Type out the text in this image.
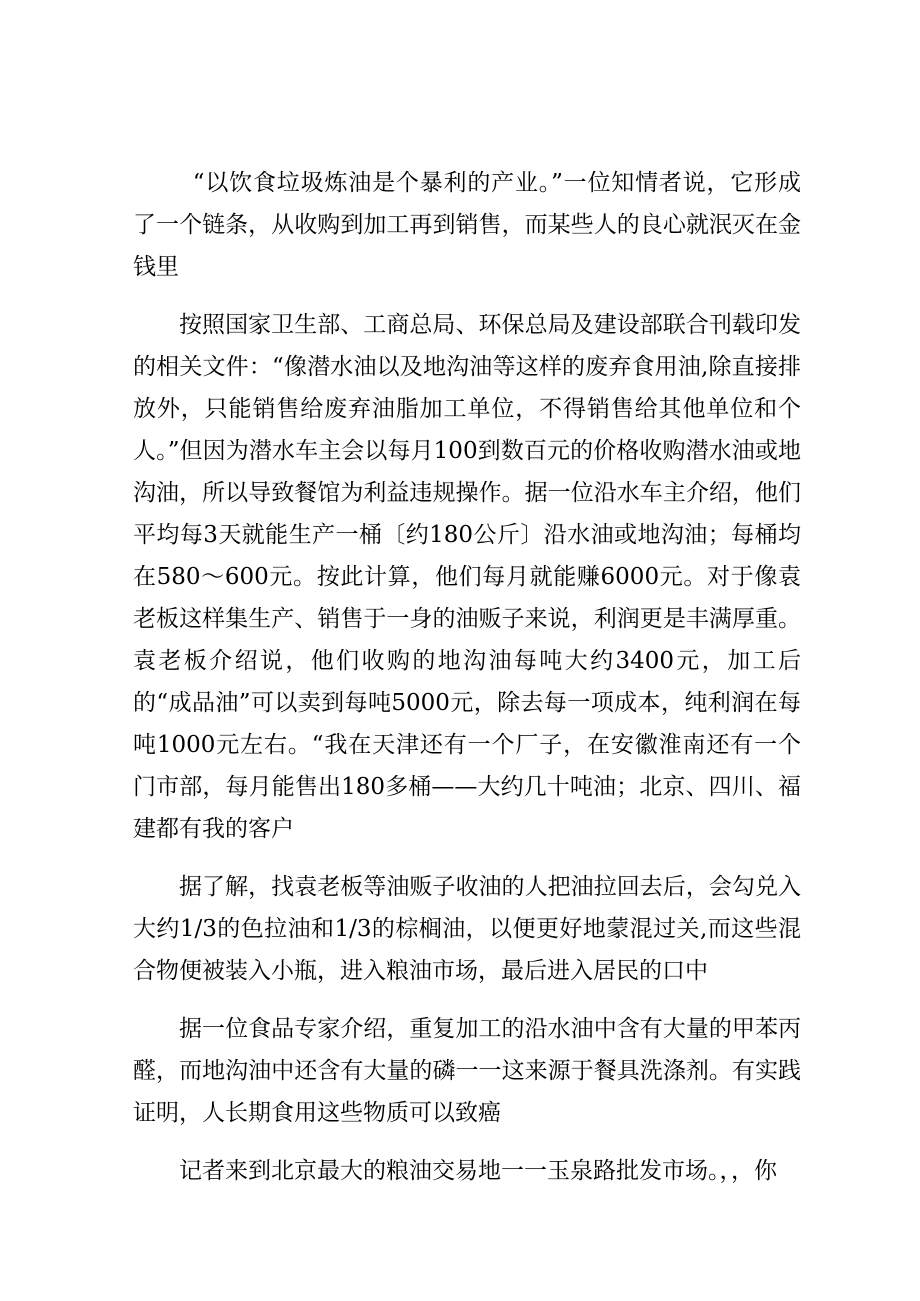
“以饮食垃圾炼油是个暴利的产业。”一位知情者说，它形成了一个链条，从收购到加工再到销售，而某些人的良心就泯灭在金钱里

按照国家卫生部、工商总局、环保总局及建设部联合刊载印发的相关文件：“像潜水油以及地沟油等这样的废弃食用油,除直接排放外，只能销售给废弃油脂加工单位，不得销售给其他单位和个人。”但因为潜水车主会以每月100到数百元的价格收购潜水油或地沟油，所以导致餐馆为利益违规操作。据一位沿水车主介绍，他们平均每3天就能生产一桶〔约180公斤〕沿水油或地沟油；每桶均在580～600元。按此计算，他们每月就能赚6000元。对于像袁老板这样集生产、销售于一身的油贩子来说，利润更是丰满厚重。袁老板介绍说，他们收购的地沟油每吨大约3400元，加工后的“成品油”可以卖到每吨5000元，除去每一项成本，纯利润在每吨1000元左右。“我在天津还有一个厂子，在安徽淮南还有一个门市部，每月能售出180多桶——大约几十吨油；北京、四川、福建都有我的客户

据了解，找袁老板等油贩子收油的人把油拉回去后，会勾兑入大约1/3的色拉油和1/3的棕榈油，以便更好地蒙混过关,而这些混合物便被装入小瓶，进入粮油市场，最后进入居民的口中

据一位食品专家介绍，重复加工的沿水油中含有大量的甲苯丙醛，而地沟油中还含有大量的磷一一这来源于餐具洗涤剂。有实践证明，人长期食用这些物质可以致癌

记者来到北京最大的粮油交易地一一玉泉路批发市场。，，你
